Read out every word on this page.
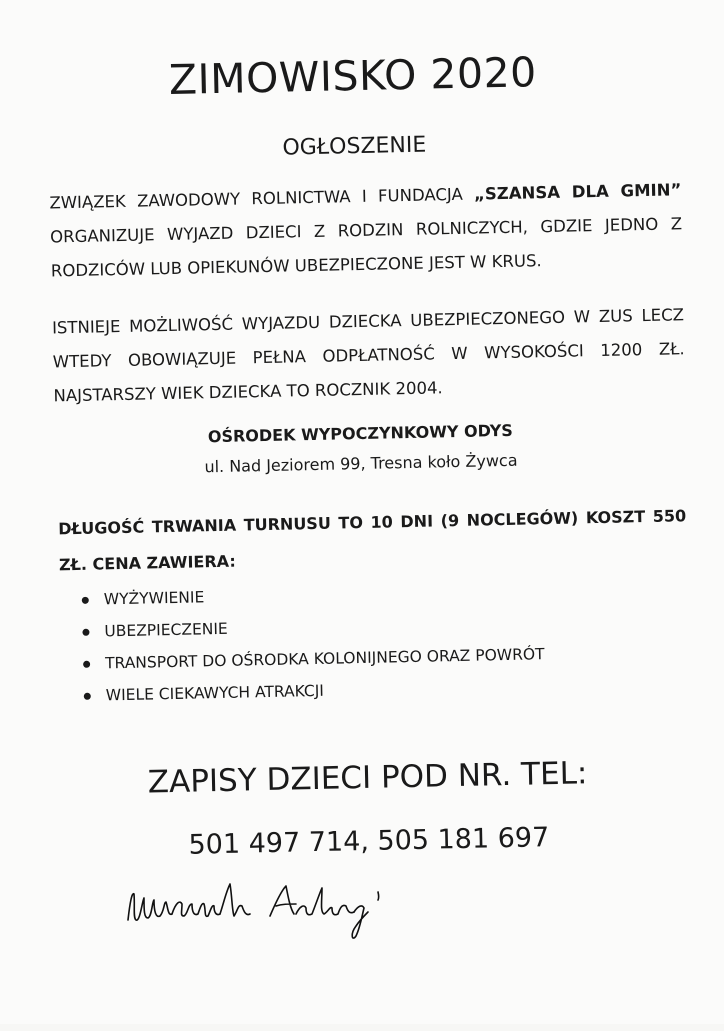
ZIMOWISKO 2020
OGŁOSZENIE
ZWIĄZEK ZAWODOWY ROLNICTWA I FUNDACJA „SZANSA DLA GMIN” ORGANIZUJE WYJAZD DZIECI Z RODZIN ROLNICZYCH, GDZIE JEDNO Z RODZICÓW LUB OPIEKUNÓW UBEZPIECZONE JEST W KRUS.
ISTNIEJE MOŻLIWOŚĆ WYJAZDU DZIECKA UBEZPIECZONEGO W ZUS LECZ WTEDY OBOWIĄZUJE PEŁNA ODPŁATNOŚĆ W WYSOKOŚCI 1200 ZŁ. NAJSTARSZY WIEK DZIECKA TO ROCZNIK 2004.
OŚRODEK WYPOCZYNKOWY ODYS
ul. Nad Jeziorem 99, Tresna koło Żywca
DŁUGOŚĆ TRWANIA TURNUSU TO 10 DNI (9 NOCLEGÓW) KOSZT 550 ZŁ. CENA ZAWIERA:
WYŻYWIENIE
UBEZPIECZENIE
TRANSPORT DO OŚRODKA KOLONIJNEGO ORAZ POWRÓT
WIELE CIEKAWYCH ATRAKCJI
ZAPISY DZIECI POD NR. TEL:
501 497 714, 505 181 697
